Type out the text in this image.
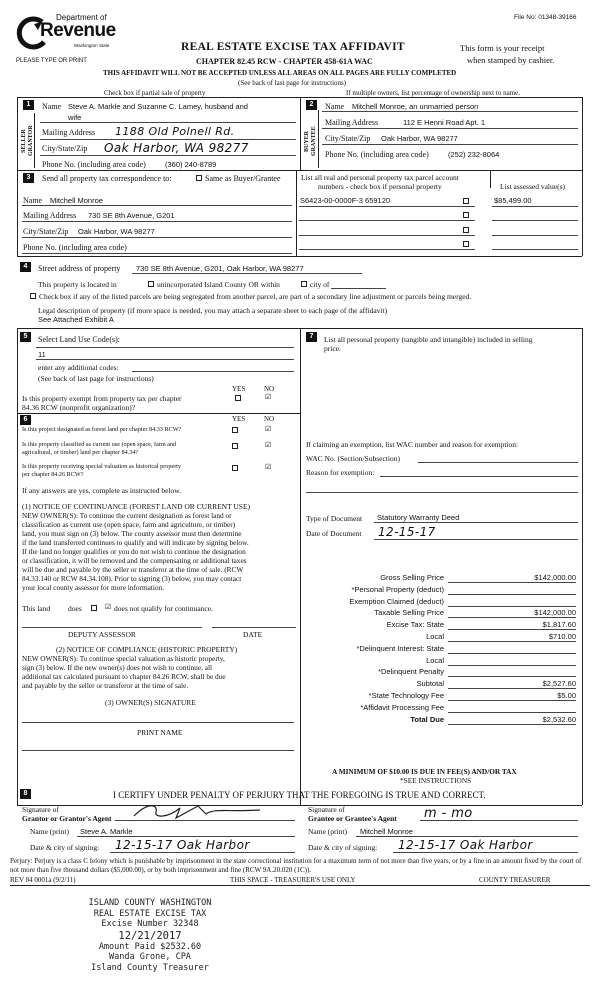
File No: 01348-39166
Department of
Revenue
Washington State
PLEASE TYPE OR PRINT
REAL ESTATE EXCISE TAX AFFIDAVIT
CHAPTER 82.45 RCW - CHAPTER 458-61A WAC
This form is your receipt
when stamped by cashier.
THIS AFFIDAVIT WILL NOT BE ACCEPTED UNLESS ALL AREAS ON ALL PAGES ARE FULLY COMPLETED
(See back of last page for instructions)
Check box if partial sale of property	If multiple owners, list percentage of ownership next to name.
1
SELLER GRANTOR
Name Steve A. Markle and Suzanne C. Lamey, husband and
wife
Mailing Address 1188 Old Polnell Rd.
City/State/Zip Oak Harbor, WA 98277
Phone No. (including area code)	(360) 240-8789
2
BUYER GRANTEE
Name Mitchell Monroe, an unmarried person
Mailing Address	112 E Henni Road Apt. 1
City/State/Zip Oak Harbor, WA 98277
Phone No. (including area code)	(252) 232-8064
3	Send all property tax correspondence to:	Same as Buyer/Grantee
Name Mitchell Monroe
Mailing Address 730 SE 8th Avenue, G201
City/State/Zip Oak Harbor, WA 98277
Phone No. (including area code)
List all real and personal property tax parcel account
numbers - check box if personal property	List assessed value(s)
S6423-00-0000F-3 659120	$85,499.00
4	Street address of property 730 SE 8th Avenue, G201, Oak Harbor, WA 98277
This property is located in	unincorporated Island County OR within	city of
Check box if any of the listed parcels are being segregated from another parcel, are part of a secondary line adjustment or parcels being merged.
Legal description of property (if more space is needed, you may attach a separate sheet to each page of the affidavit)
See Attached Exhibit A
5	Select Land Use Code(s):
11
enter any additional codes:
(See back of last page for instructions)
YES	NO
Is this property exempt from property tax per chapter
84.36 RCW (nonprofit organization)?
☑
6	YES	NO
Is this project designated as forest land per chapter 84.33 RCW?	☑
Is this property classified as current use (open space, farm and
agricultural, or timber) land per chapter 84.34?
☑
Is this property receiving special valuation as historical property
per chapter 84.26 RCW?
☑
If any answers are yes, complete as instructed below.
(1) NOTICE OF CONTINUANCE (FOREST LAND OR CURRENT USE)
NEW OWNER(S): To continue the current designation as forest land or
classification as current use (open space, farm and agriculture, or timber)
land, you must sign on (3) below. The county assessor must then determine
if the land transferred continues to qualify and will indicate by signing below.
If the land no longer qualifies or you do not wish to continue the designation
or classification, it will be removed and the compensating or additional taxes
will be due and payable by the seller or transferor at the time of sale. (RCW
84.33.140 or RCW 84.34.108). Prior to signing (3) below, you may contact
your local county assessor for more information.
This land does	☑ does not qualify for continuance.
DEPUTY ASSESSOR	DATE
(2) NOTICE OF COMPLIANCE (HISTORIC PROPERTY)
NEW OWNER(S): To continue special valuation as historic property,
sign (3) below. If the new owner(s) does not wish to continue, all
additional tax calculated pursuant to chapter 84.26 RCW, shall be due
and payable by the seller or transferor at the time of sale.
(3) OWNER(S) SIGNATURE
PRINT NAME
7	List all personal property (tangible and intangible) included in selling
price.
If claiming an exemption, list WAC number and reason for exemption:
WAC No. (Section/Subsection)
Reason for exemption:
Type of Document Statutory Warranty Deed
Date of Document 12-15-17
Gross Selling Price	$142,000.00
*Personal Property (deduct)
Exemption Claimed (deduct)
Taxable Selling Price	$142,000.00
Excise Tax: State	$1,817.60
Local	$710.00
*Delinquent Interest: State
Local
*Delinquent Penalty
Subtotal	$2,527.60
*State Technology Fee	$5.00
*Affidavit Processing Fee
Total Due	$2,532.60
A MINIMUM OF $10.00 IS DUE IN FEE(S) AND/OR TAX
*SEE INSTRUCTIONS
8	I CERTIFY UNDER PENALTY OF PERJURY THAT THE FOREGOING IS TRUE AND CORRECT.
Signature of
Grantor or Grantor's Agent
Signature of
Grantee or Grantee's Agent m - mo
Name (print) Steve A. Markle	Name (print) Mitchell Monroe
Date & city of signing: 12-15-17 Oak Harbor	Date & city of signing: 12-15-17 Oak Harbor
Perjury: Perjury is a class C felony which is punishable by imprisonment in the state correctional institution for a maximum term of not more than five years, or by a fine in an amount fixed by the court of not more than five thousand dollars ($5,000.00), or by both imprisonment and fine (RCW 9A.20.020 (1C)).
REV 84 0001a (9/2/11)	THIS SPACE - TREASURER'S USE ONLY	COUNTY TREASURER
ISLAND COUNTY WASHINGTON
REAL ESTATE EXCISE TAX
Excise Number 32348
12/21/2017
Amount Paid $2532.60
Wanda Grone, CPA
Island County Treasurer
